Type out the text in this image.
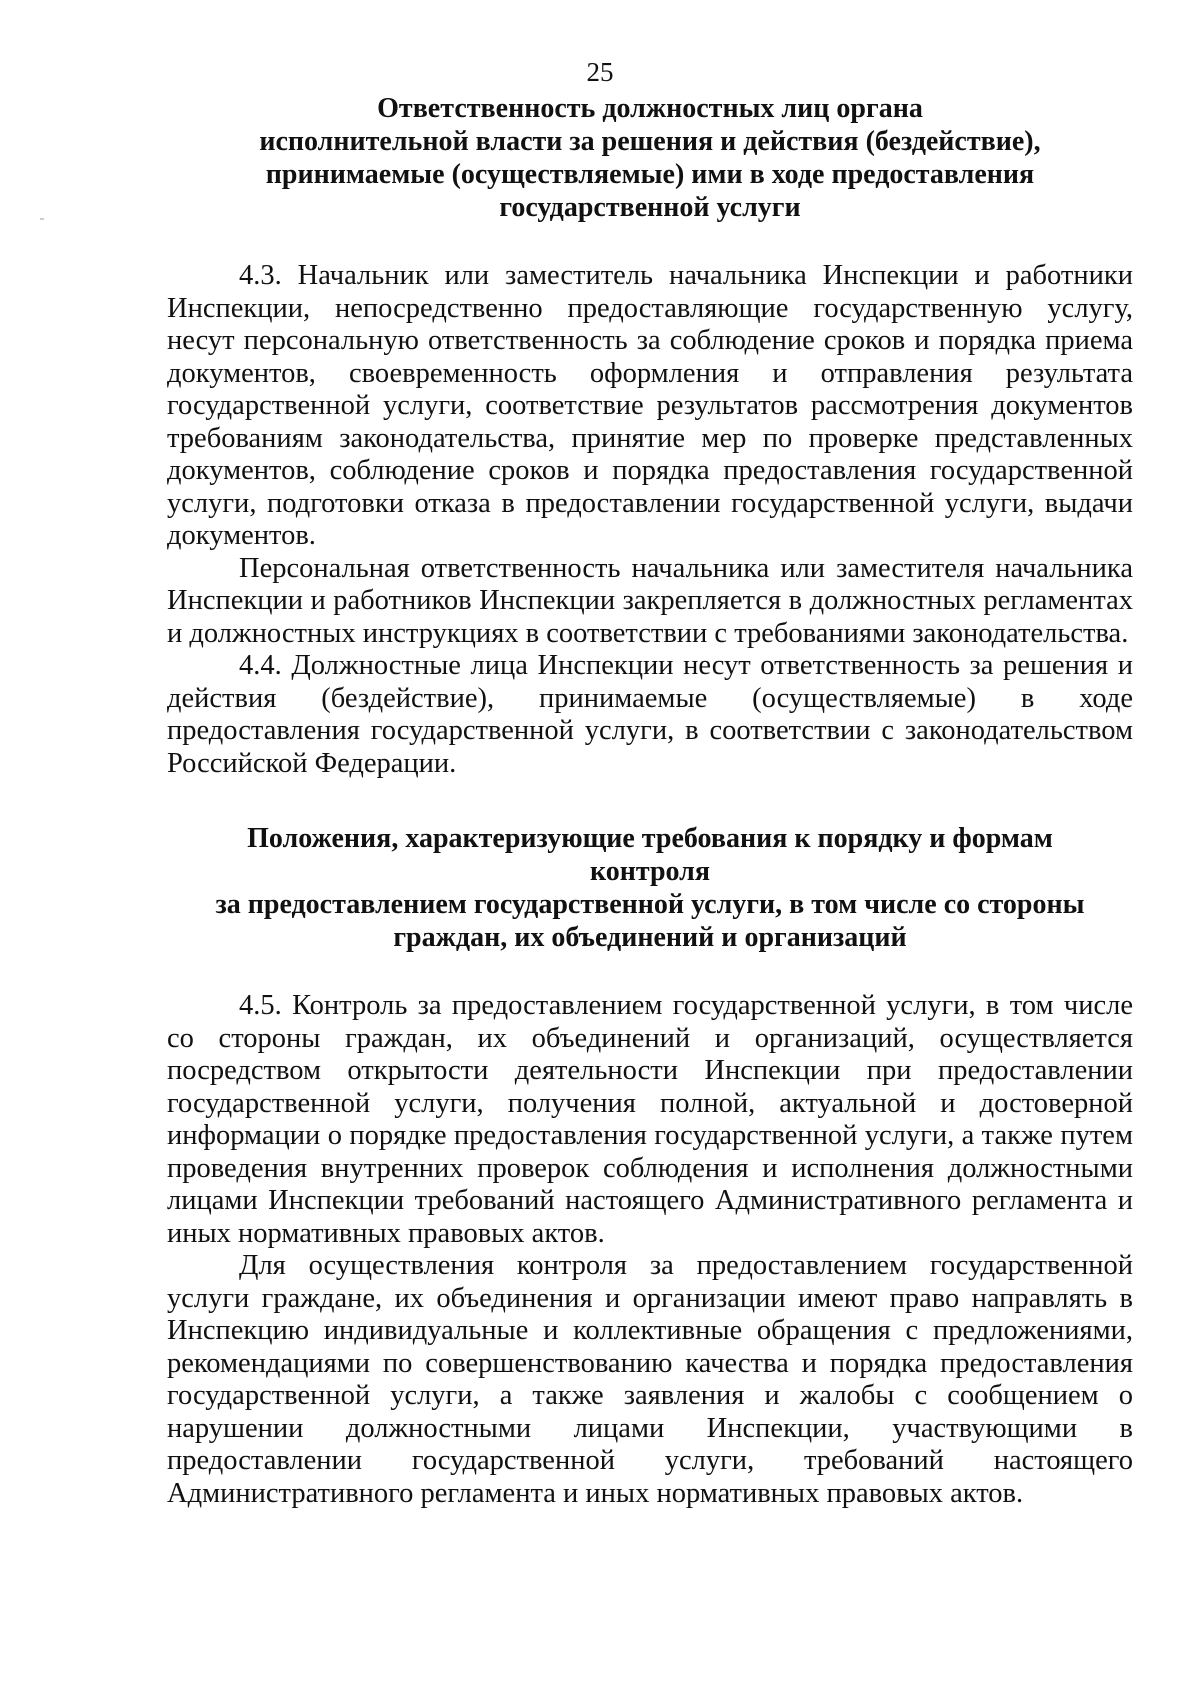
25

Ответственность должностных лиц органа
исполнительной власти за решения и действия (бездействие),
принимаемые (осуществляемые) ими в ходе предоставления
государственной услуги

4.3. Начальник или заместитель начальника Инспекции и работники Инспекции, непосредственно предоставляющие государственную услугу, несут персональную ответственность за соблюдение сроков и порядка приема документов, своевременность оформления и отправления результата государственной услуги, соответствие результатов рассмотрения документов требованиям законодательства, принятие мер по проверке представленных документов, соблюдение сроков и порядка предоставления государственной услуги, подготовки отказа в предоставлении государственной услуги, выдачи документов.

Персональная ответственность начальника или заместителя начальника Инспекции и работников Инспекции закрепляется в должностных регламентах и должностных инструкциях в соответствии с требованиями законодательства.

4.4. Должностные лица Инспекции несут ответственность за решения и действия (бездействие), принимаемые (осуществляемые) в ходе предоставления государственной услуги, в соответствии с законодательством Российской Федерации.

Положения, характеризующие требования к порядку и формам контроля
за предоставлением государственной услуги, в том числе со стороны
граждан, их объединений и организаций

4.5. Контроль за предоставлением государственной услуги, в том числе со стороны граждан, их объединений и организаций, осуществляется посредством открытости деятельности Инспекции при предоставлении государственной услуги, получения полной, актуальной и достоверной информации о порядке предоставления государственной услуги, а также путем проведения внутренних проверок соблюдения и исполнения должностными лицами Инспекции требований настоящего Административного регламента и иных нормативных правовых актов.

Для осуществления контроля за предоставлением государственной услуги граждане, их объединения и организации имеют право направлять в Инспекцию индивидуальные и коллективные обращения с предложениями, рекомендациями по совершенствованию качества и порядка предоставления государственной услуги, а также заявления и жалобы с сообщением о нарушении должностными лицами Инспекции, участвующими в предоставлении государственной услуги, требований настоящего Административного регламента и иных нормативных правовых актов.
